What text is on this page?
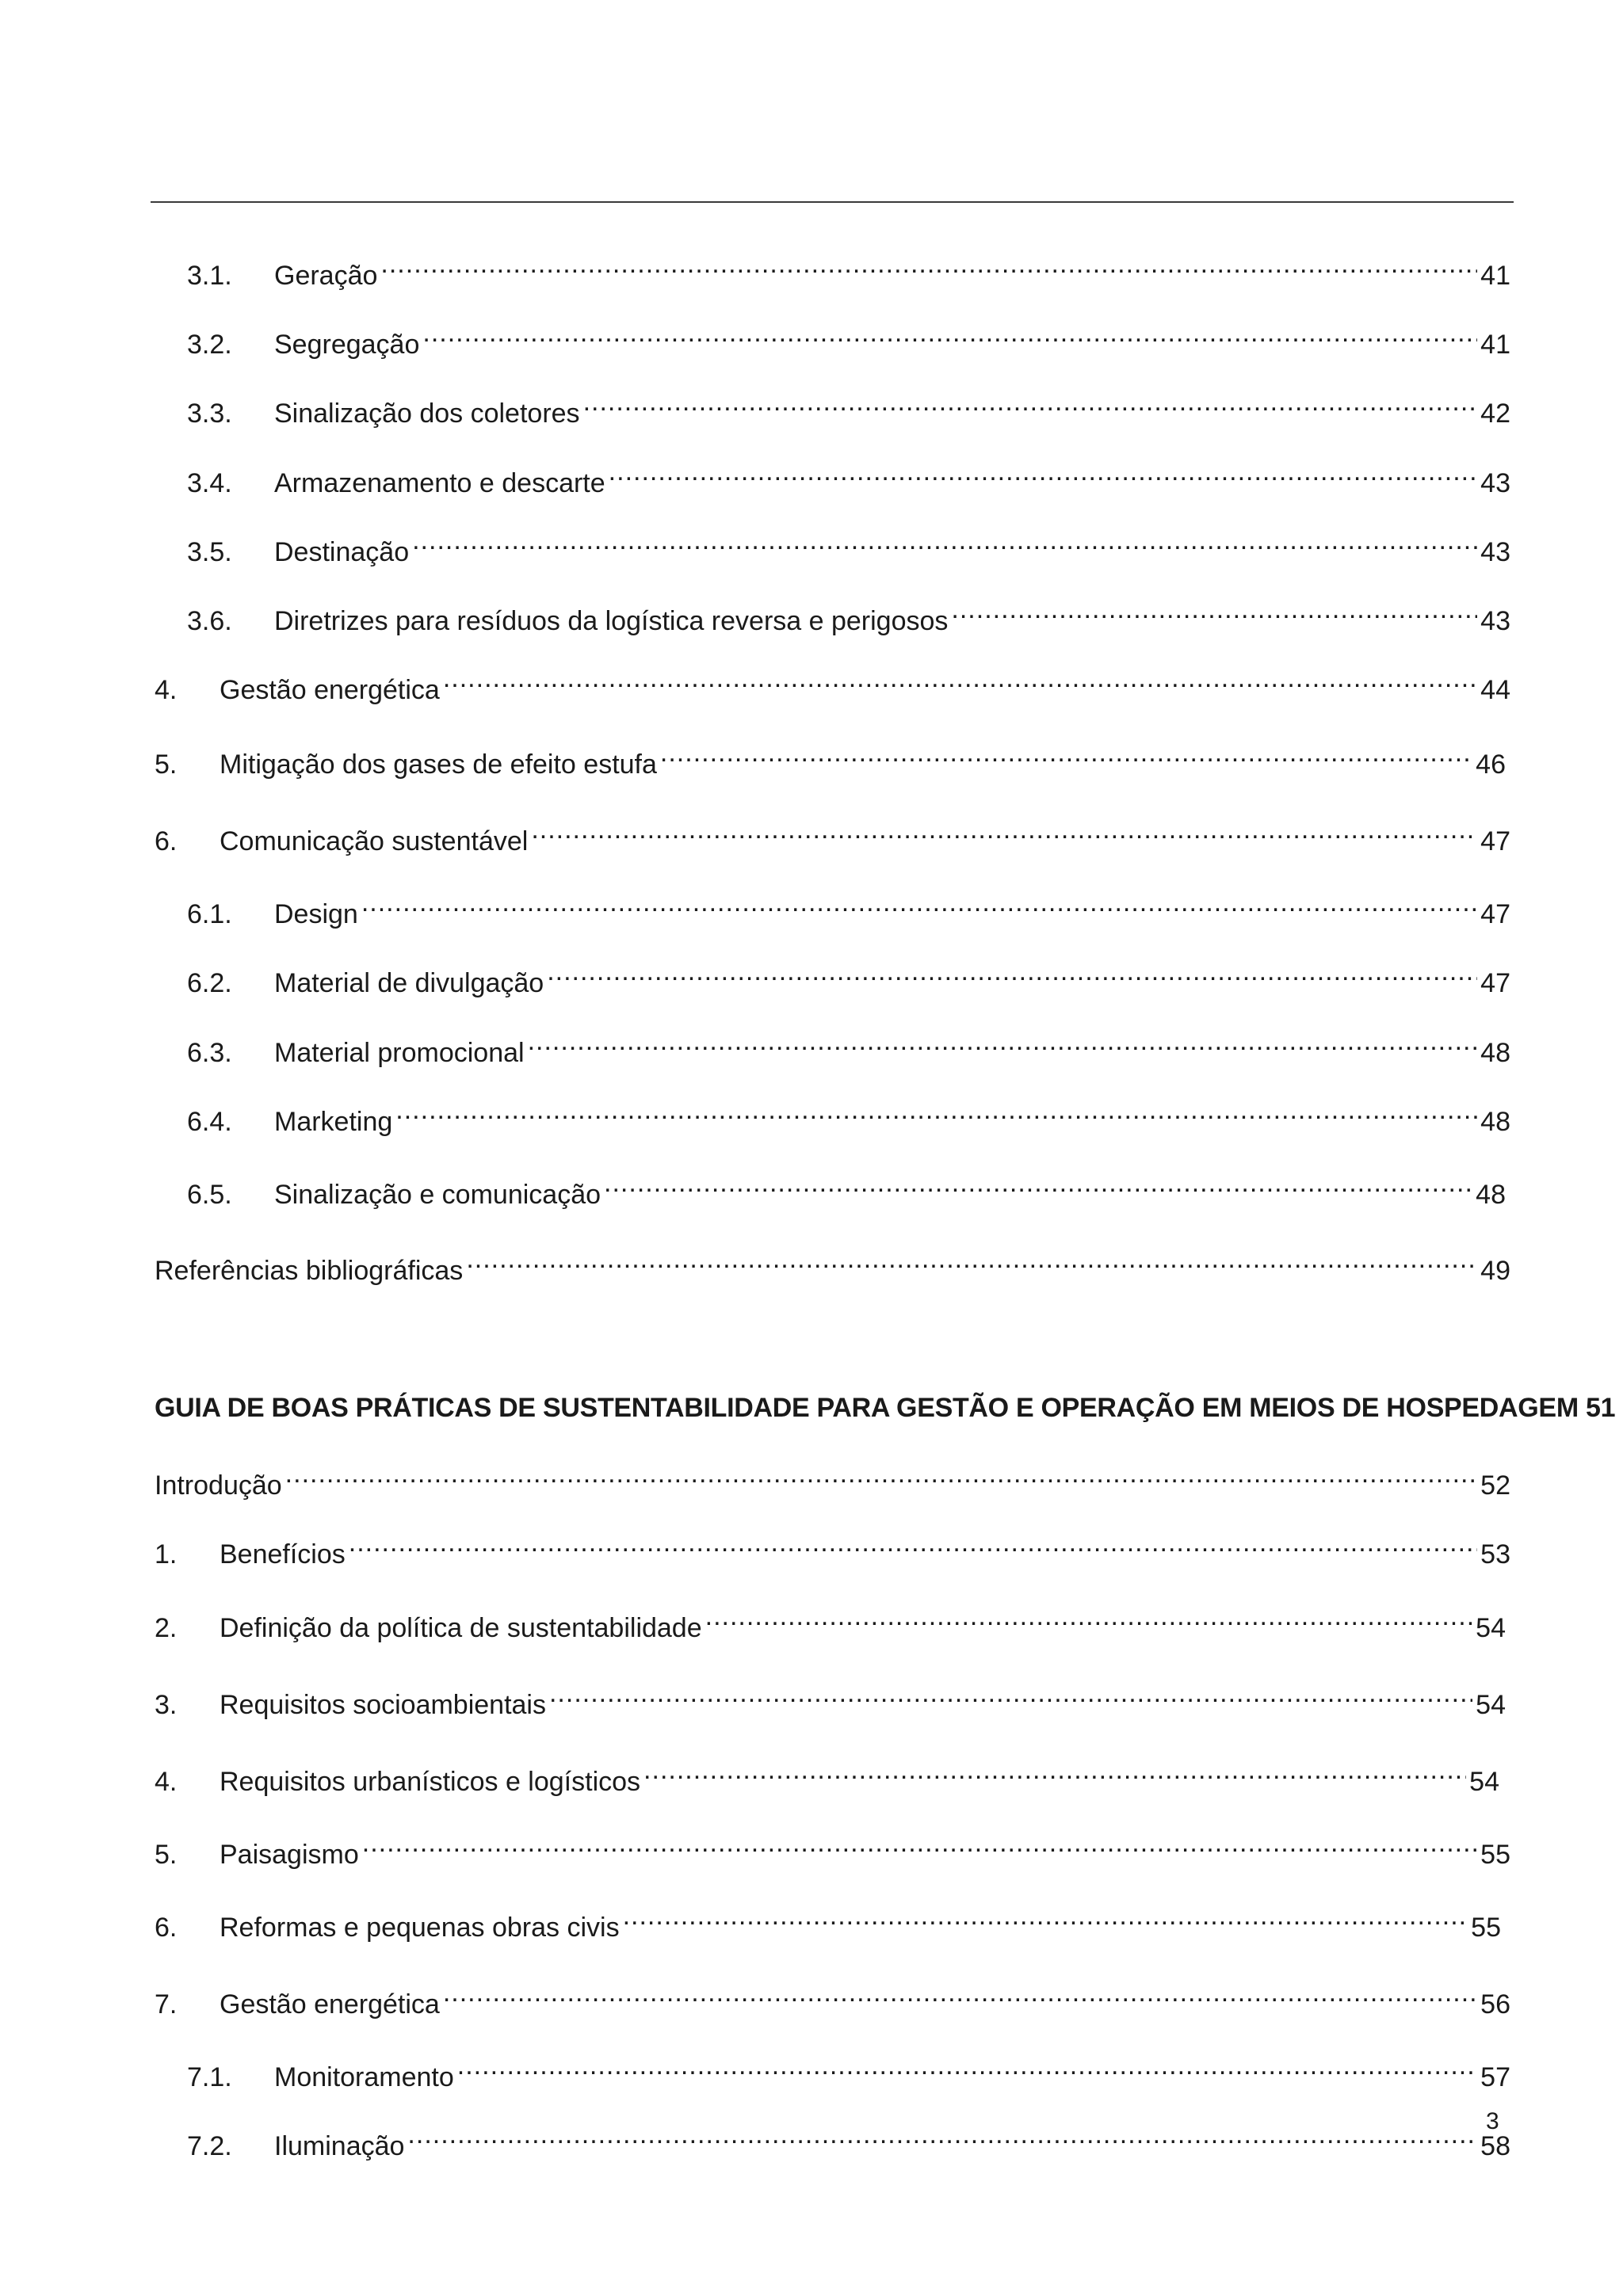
3.1.	Geração .....	41
3.2.	Segregação .....	41
3.3.	Sinalização dos coletores .....	42
3.4.	Armazenamento e descarte .....	43
3.5.	Destinação .....	43
3.6.	Diretrizes para resíduos da logística reversa e perigosos .....	43
4.	Gestão energética .....	44
5.	Mitigação dos gases de efeito estufa .....	46
6.	Comunicação sustentável .....	47
6.1.	Design .....	47
6.2.	Material de divulgação .....	47
6.3.	Material promocional .....	48
6.4.	Marketing .....	48
6.5.	Sinalização e comunicação .....	48
Referências bibliográficas .....	49
GUIA DE BOAS PRÁTICAS DE SUSTENTABILIDADE PARA GESTÃO E OPERAÇÃO EM MEIOS DE HOSPEDAGEM 51
Introdução .....	52
1.	Benefícios .....	53
2.	Definição da política de sustentabilidade .....	54
3.	Requisitos socioambientais .....	54
4.	Requisitos urbanísticos e logísticos .....	54
5.	Paisagismo .....	55
6.	Reformas e pequenas obras civis .....	55
7.	Gestão energética .....	56
7.1.	Monitoramento .....	57
7.2.	Iluminação .....	58
3
